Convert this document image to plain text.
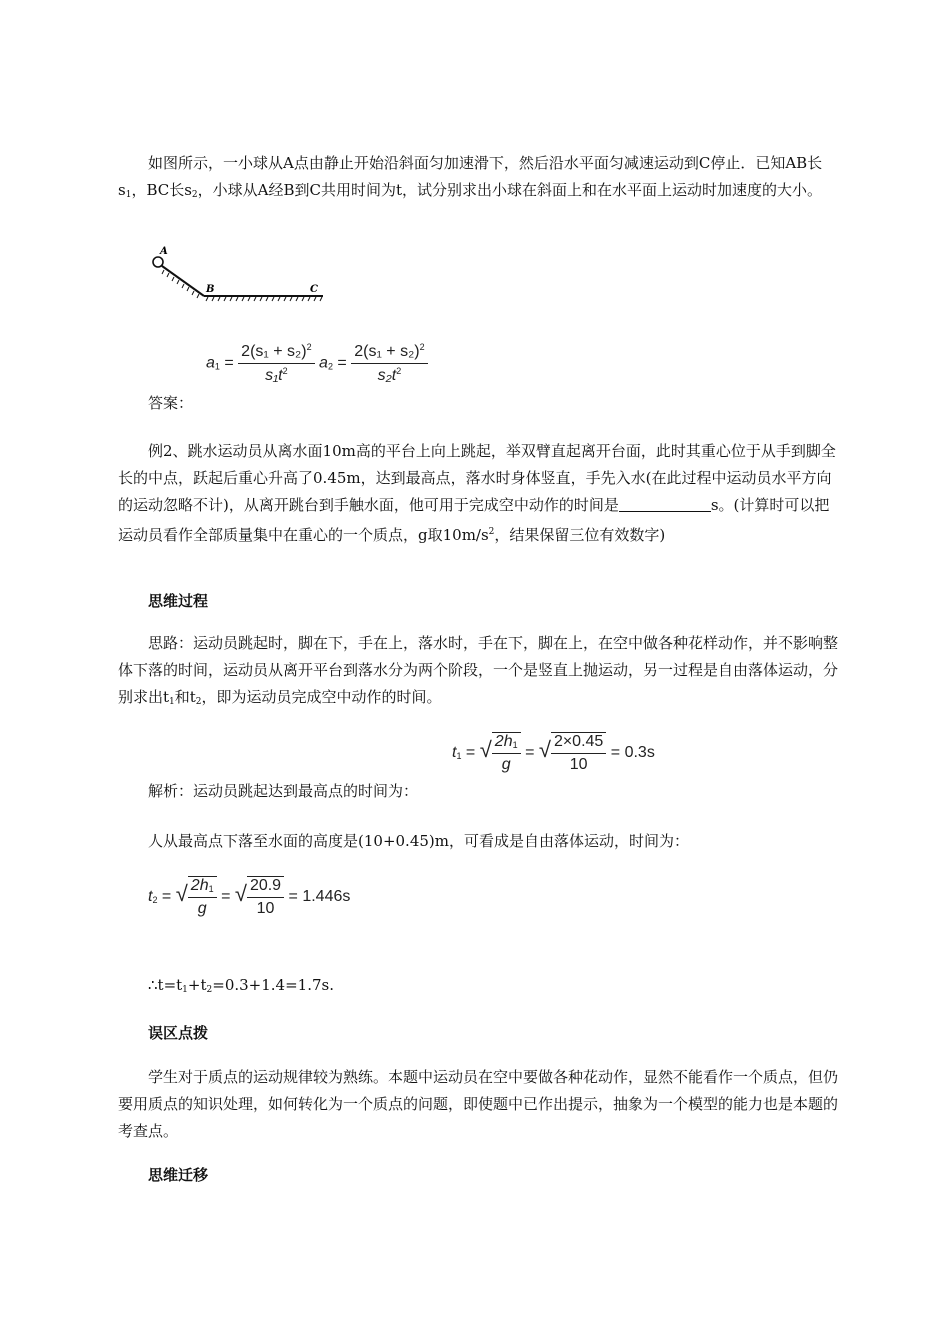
如图所示，一小球从A点由静止开始沿斜面匀加速滑下，然后沿水平面匀减速运动到C停止．已知AB长$s_1$，BC长$s_2$，小球从A经B到C共用时间为t，试分别求出小球在斜面上和在水平面上运动时加速度的大小。

A
B	C
$a_1 = \frac{2(s_1 + s_2)^2}{s_1t^2} a_2 = \frac{2(s_1 + s_2)^2}{s_2t^2}$

答案：

例2、跳水运动员从离水面10m高的平台上向上跳起，举双臂直起离开台面，此时其重心位于从手到脚全长的中点，跃起后重心升高了0.45m，达到最高点，落水时身体竖直，手先入水(在此过程中运动员水平方向的运动忽略不计)，从离开跳台到手触水面，他可用于完成空中动作的时间是	s。(计算时可以把运动员看作全部质量集中在重心的一个质点，g取$10m/s^2$，结果保留三位有效数字)

思维过程

思路：运动员跳起时，脚在下，手在上，落水时，手在下，脚在上，在空中做各种花样动作，并不影响整体下落的时间，运动员从离开平台到落水分为两个阶段，一个是竖直上抛运动，另一过程是自由落体运动，分别求出$t_1$和$t_2$，即为运动员完成空中动作的时间。

$t_1$ = √ $\frac{2h_1}{g}$ = √ $\frac{2\times 0.45}{10} = 0.3s$

解析：运动员跳起达到最高点的时间为：

人从最高点下落至水面的高度是(10+0.45)m，可看成是自由落体运动，时间为：

$t_2$ = √ $\frac{2h_1}{g}$ = √ $\frac{20.9}{10} = 1.446s$

$\therefore t=t_1+t_2=0.3+1.4=1.7s$.

误区点拨

学生对于质点的运动规律较为熟练。本题中运动员在空中要做各种花动作，显然不能看作一个质点，但仍要用质点的知识处理，如何转化为一个质点的问题，即使题中已作出提示，抽象为一个模型的能力也是本题的考查点。

思维迁移
